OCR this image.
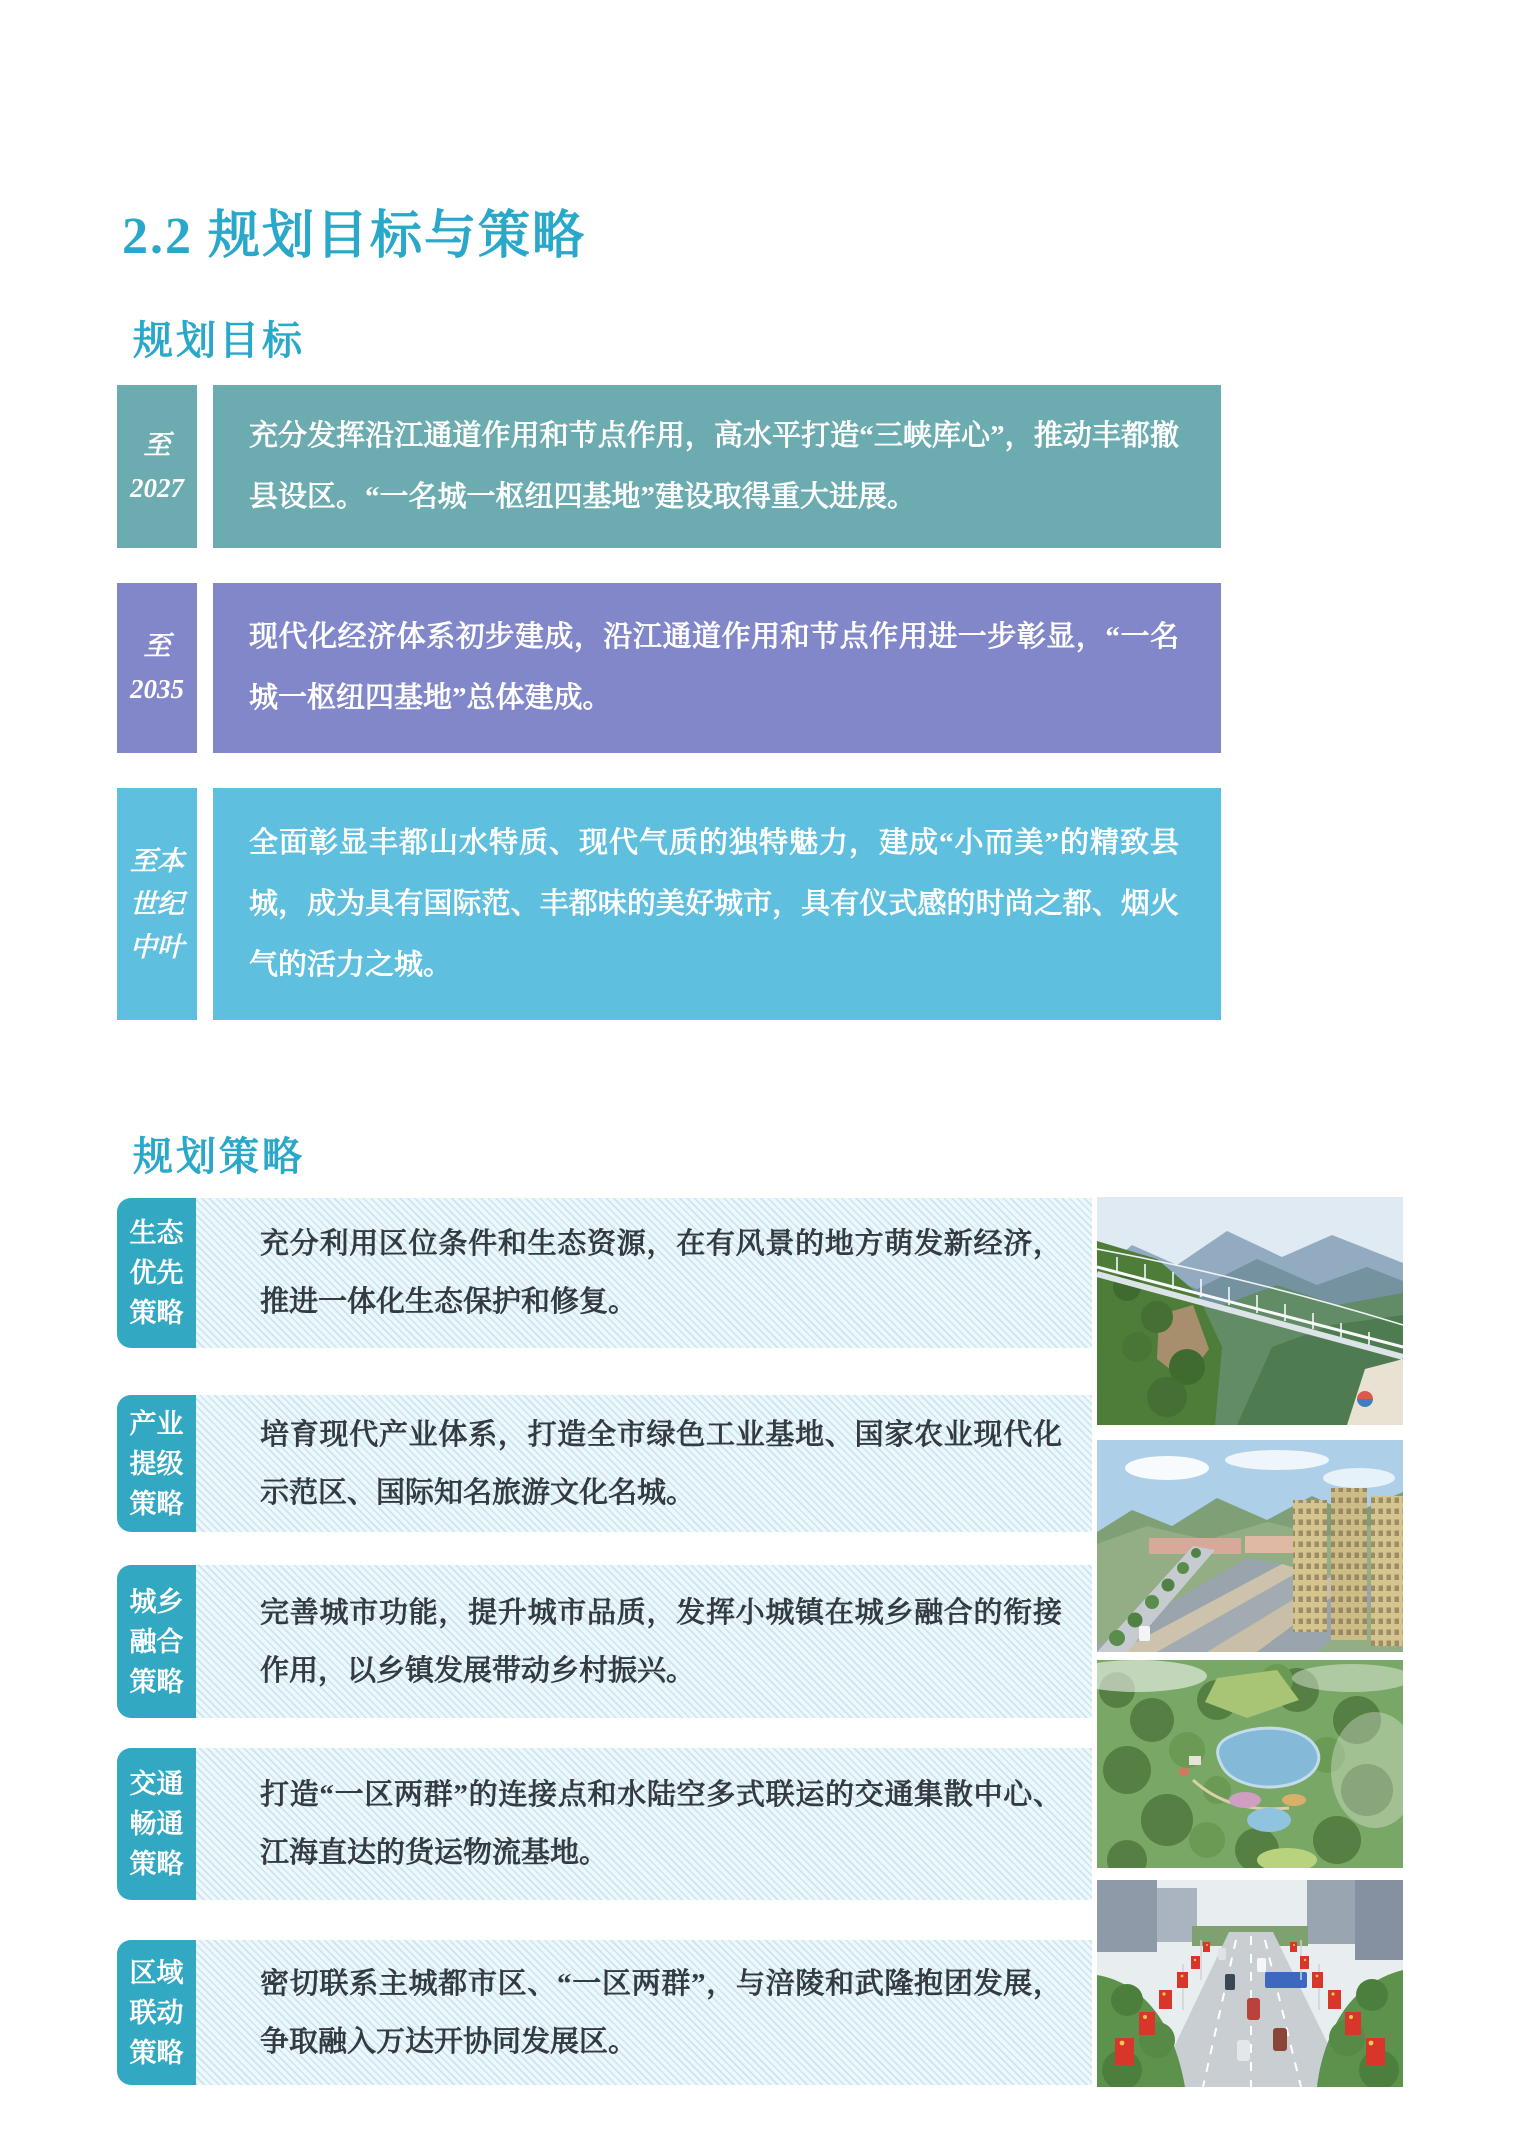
2.2 规划目标与策略
规划目标
至
2027
充分发挥沿江通道作用和节点作用，高水平打造“三峡库心”，推动丰都撤县设区。“一名城一枢纽四基地”建设取得重大进展。
至
2035
现代化经济体系初步建成，沿江通道作用和节点作用进一步彰显，“一名城一枢纽四基地”总体建成。
至本
世纪
中叶
全面彰显丰都山水特质、现代气质的独特魅力，建成“小而美”的精致县城，成为具有国际范、丰都味的美好城市，具有仪式感的时尚之都、烟火气的活力之城。
规划策略
生态
优先
策略
充分利用区位条件和生态资源，在有风景的地方萌发新经济，推进一体化生态保护和修复。
产业
提级
策略
培育现代产业体系，打造全市绿色工业基地、国家农业现代化示范区、国际知名旅游文化名城。
城乡
融合
策略
完善城市功能，提升城市品质，发挥小城镇在城乡融合的衔接作用，以乡镇发展带动乡村振兴。
交通
畅通
策略
打造“一区两群”的连接点和水陆空多式联运的交通集散中心、江海直达的货运物流基地。
区域
联动
策略
密切联系主城都市区、“一区两群”，与涪陵和武隆抱团发展，争取融入万达开协同发展区。
